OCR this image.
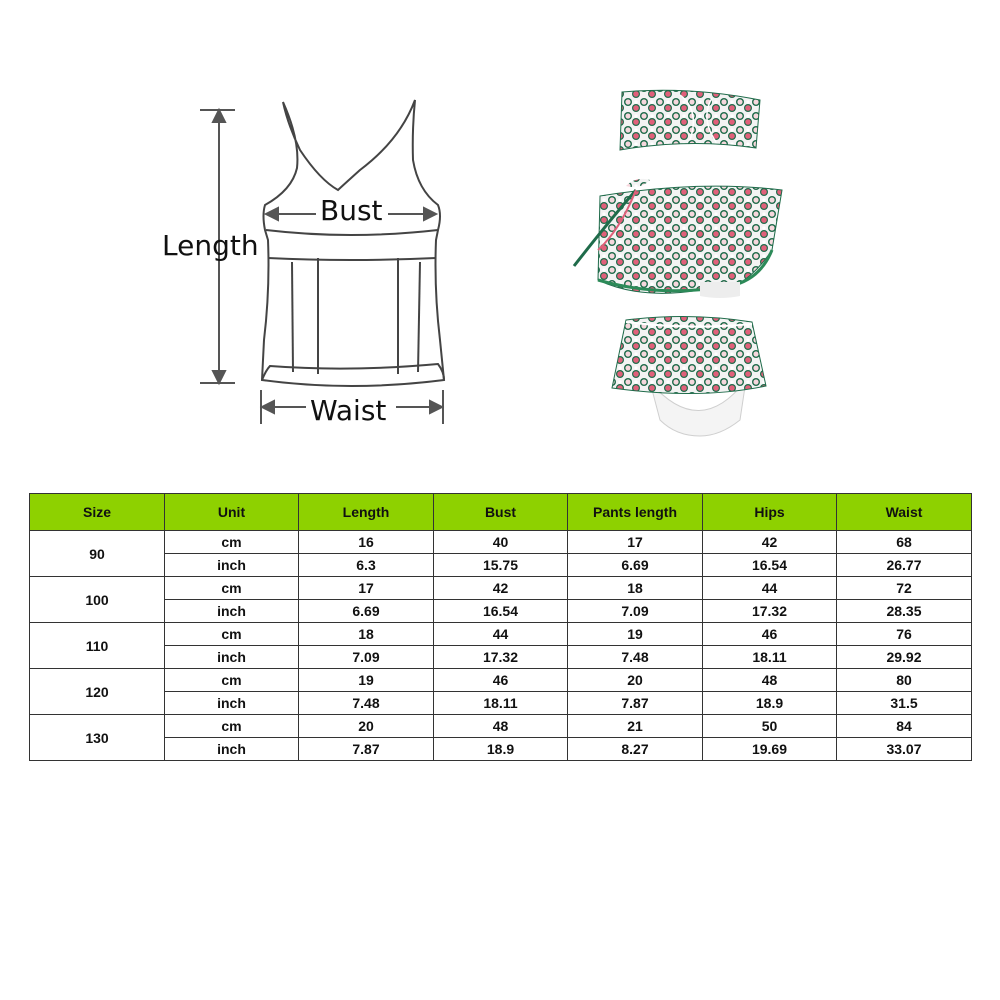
Length
Bust
Waist
Size	Unit	Length	Bust	Pants length	Hips	Waist
90	cm	16	40	17	42	68
	inch	6.3	15.75	6.69	16.54	26.77
100	cm	17	42	18	44	72
	inch	6.69	16.54	7.09	17.32	28.35
110	cm	18	44	19	46	76
	inch	7.09	17.32	7.48	18.11	29.92
120	cm	19	46	20	48	80
	inch	7.48	18.11	7.87	18.9	31.5
130	cm	20	48	21	50	84
	inch	7.87	18.9	8.27	19.69	33.07
